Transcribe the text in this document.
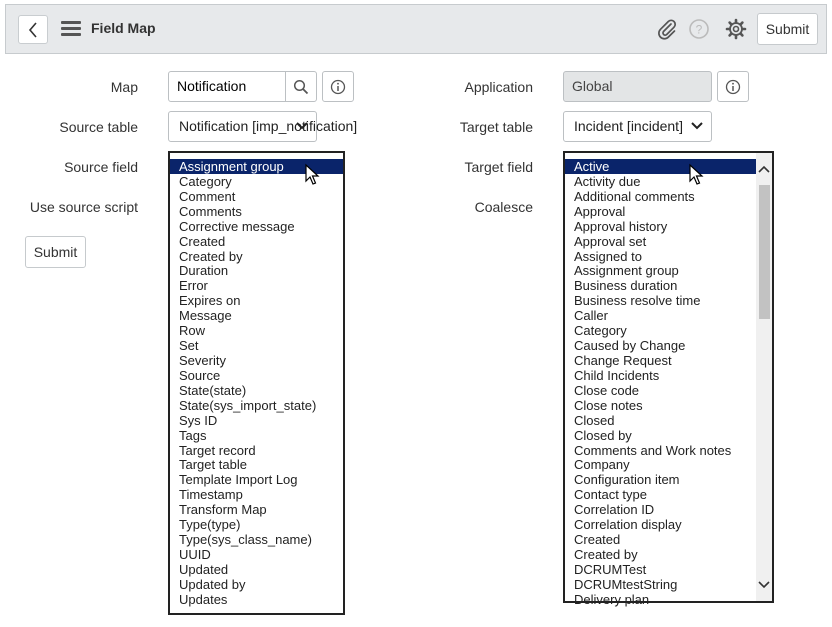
Field Map	?	Submit
Map	Notification	Application	Global
Source table	Notification [imp_notification]	Target table	Incident [incident]
Source field	Target field
Use source script	Coalesce
Submit
Assignment group
Category
Comment
Comments
Corrective message
Created
Created by
Duration
Error
Expires on
Message
Row
Set
Severity
Source
State(state)
State(sys_import_state)
Sys ID
Tags
Target record
Target table
Template Import Log
Timestamp
Transform Map
Type(type)
Type(sys_class_name)
UUID
Updated
Updated by
Updates
Active
Activity due
Additional comments
Approval
Approval history
Approval set
Assigned to
Assignment group
Business duration
Business resolve time
Caller
Category
Caused by Change
Change Request
Child Incidents
Close code
Close notes
Closed
Closed by
Comments and Work notes
Company
Configuration item
Contact type
Correlation ID
Correlation display
Created
Created by
DCRUMTest
DCRUMtestString
Delivery plan
